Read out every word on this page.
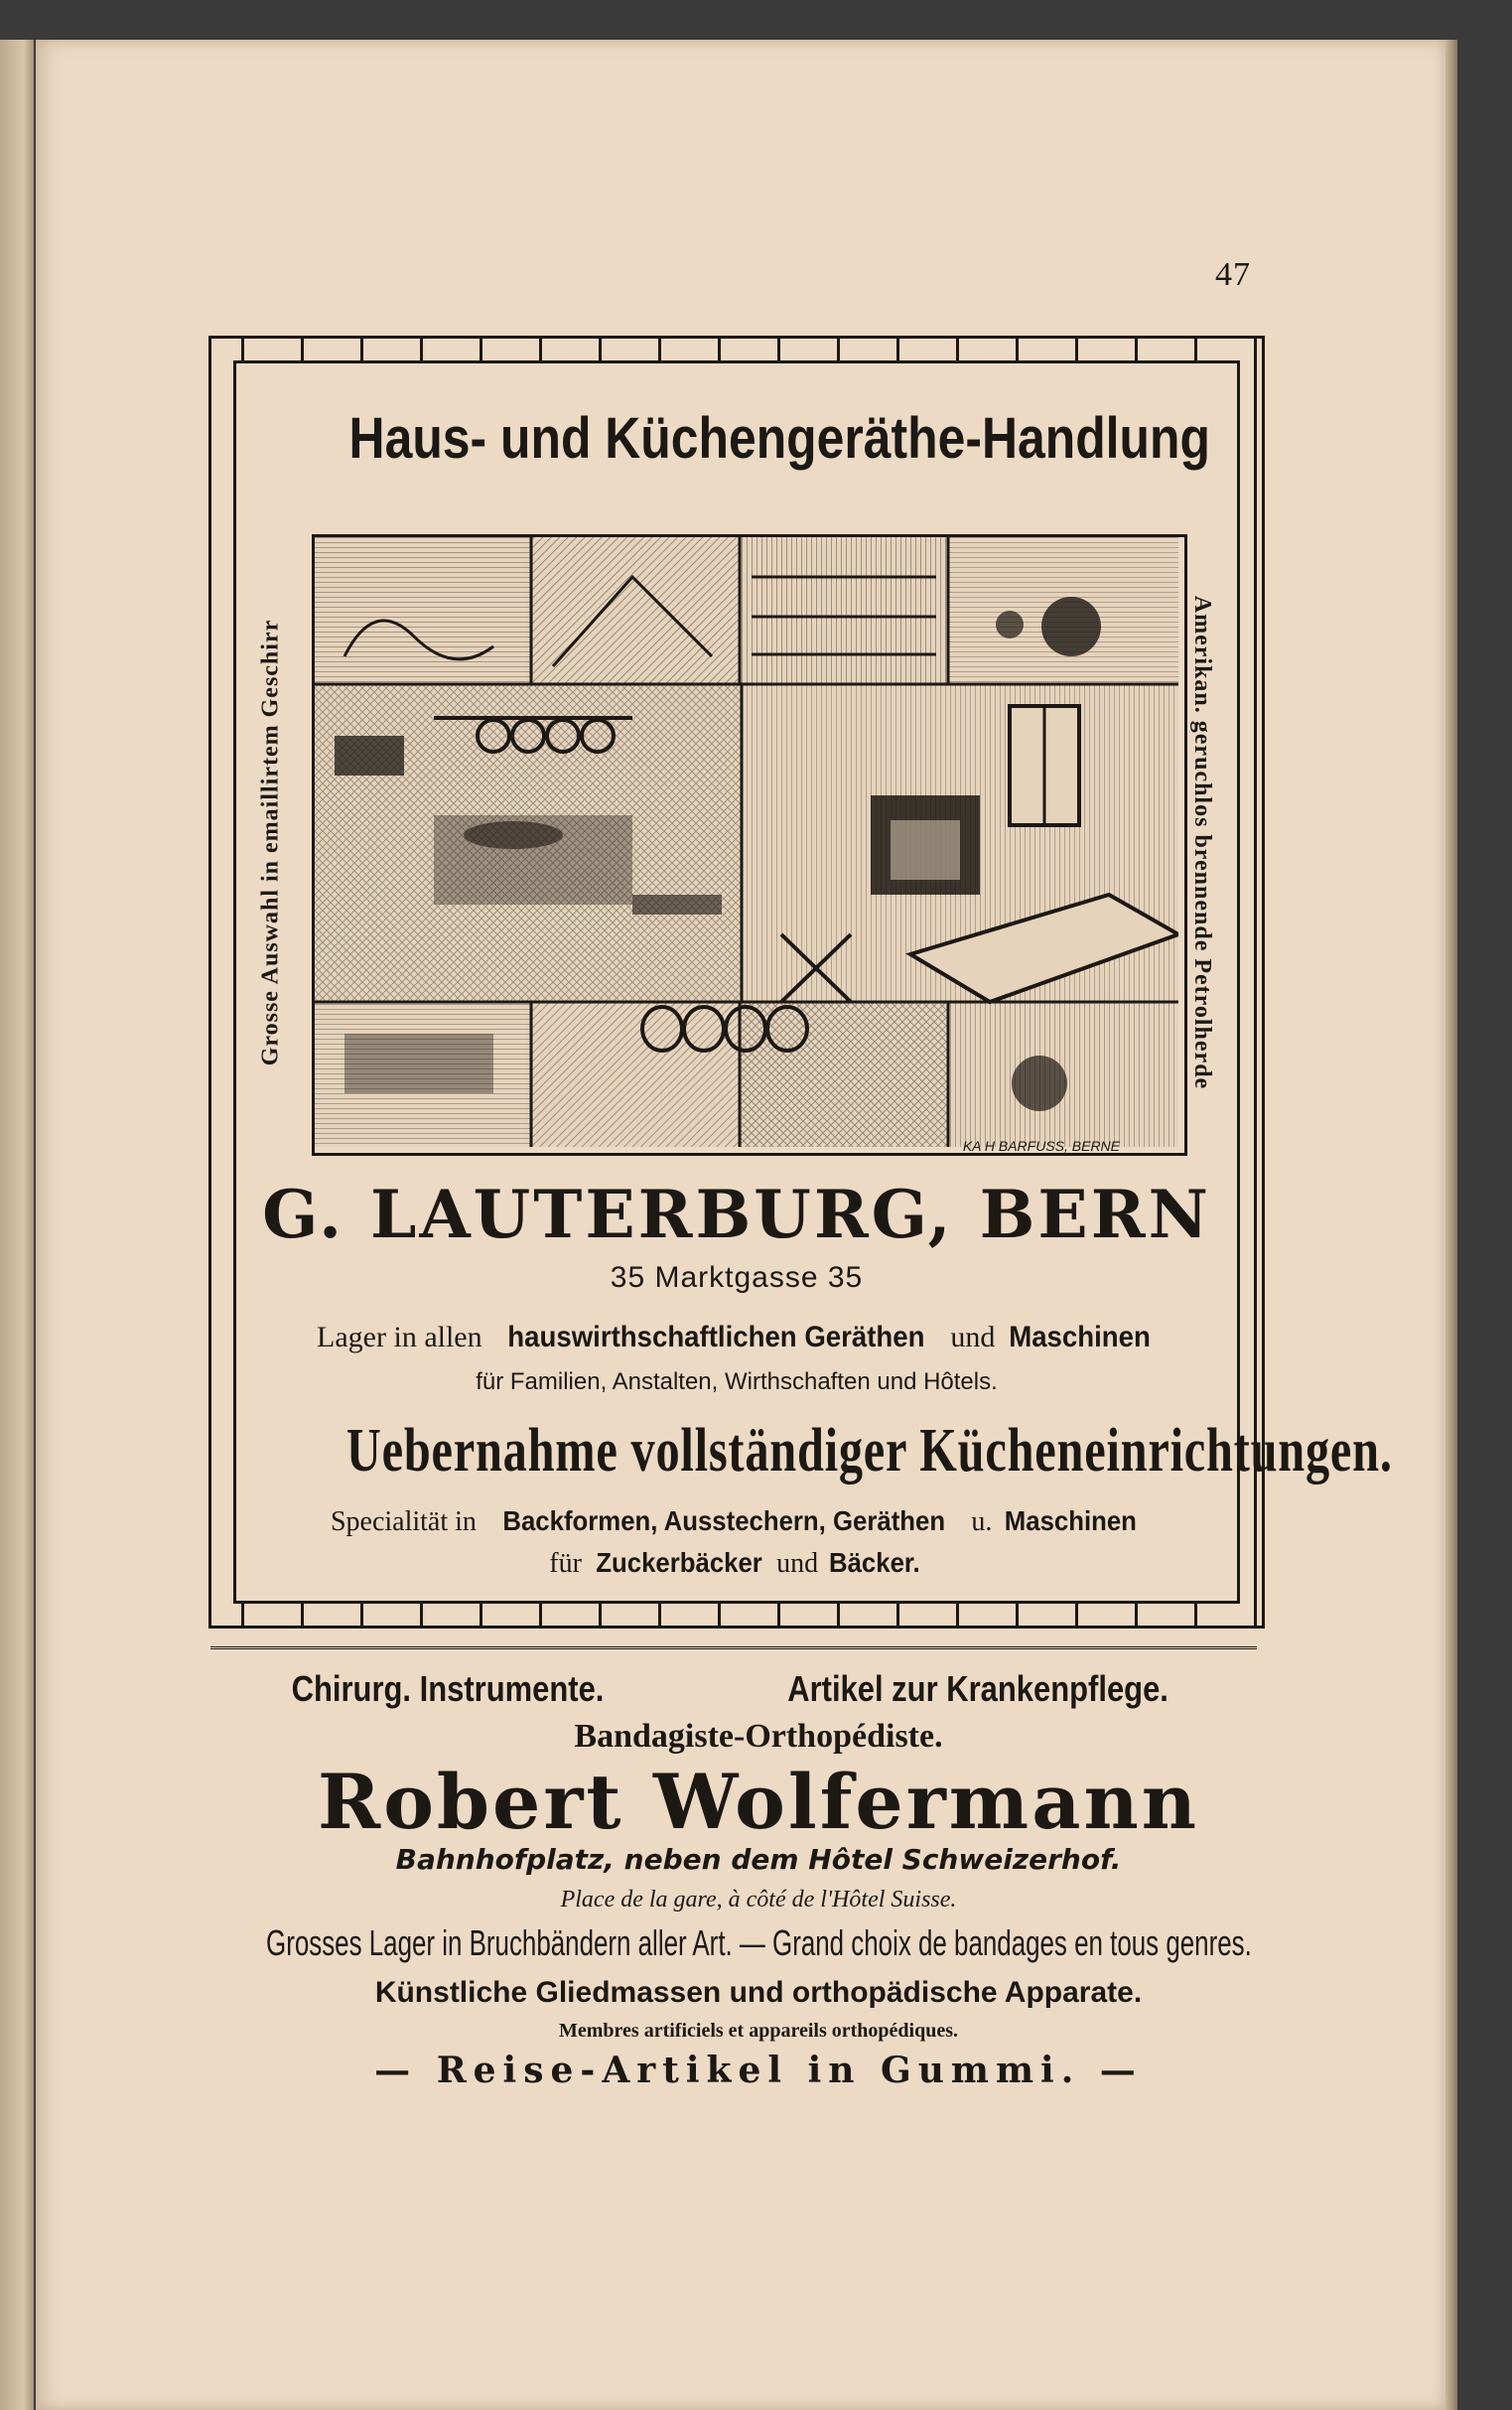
47
Haus- und Küchengeräthe-Handlung
Grosse Auswahl in emaillirtem Geschirr	Amerikan. geruchlos brennende Petrolherde
KA H BARFUSS, BERNE
G. LAUTERBURG, BERN
35 Marktgasse 35
Lager in allen hauswirthschaftlichen Geräthen und Maschinen
für Familien, Anstalten, Wirthschaften und Hôtels.
Uebernahme vollständiger Kücheneinrichtungen.
Specialität in Backformen, Ausstechern, Geräthen u. Maschinen
für Zuckerbäcker und Bäcker.
Chirurg. Instrumente.	Artikel zur Krankenpflege.
Bandagiste-Orthopédiste.
Robert Wolfermann
Bahnhofplatz, neben dem Hôtel Schweizerhof.
Place de la gare, à côté de l'Hôtel Suisse.
Grosses Lager in Bruchbändern aller Art. — Grand choix de bandages en tous genres.
Künstliche Gliedmassen und orthopädische Apparate.
Membres artificiels et appareils orthopédiques.
— Reise-Artikel in Gummi. —
